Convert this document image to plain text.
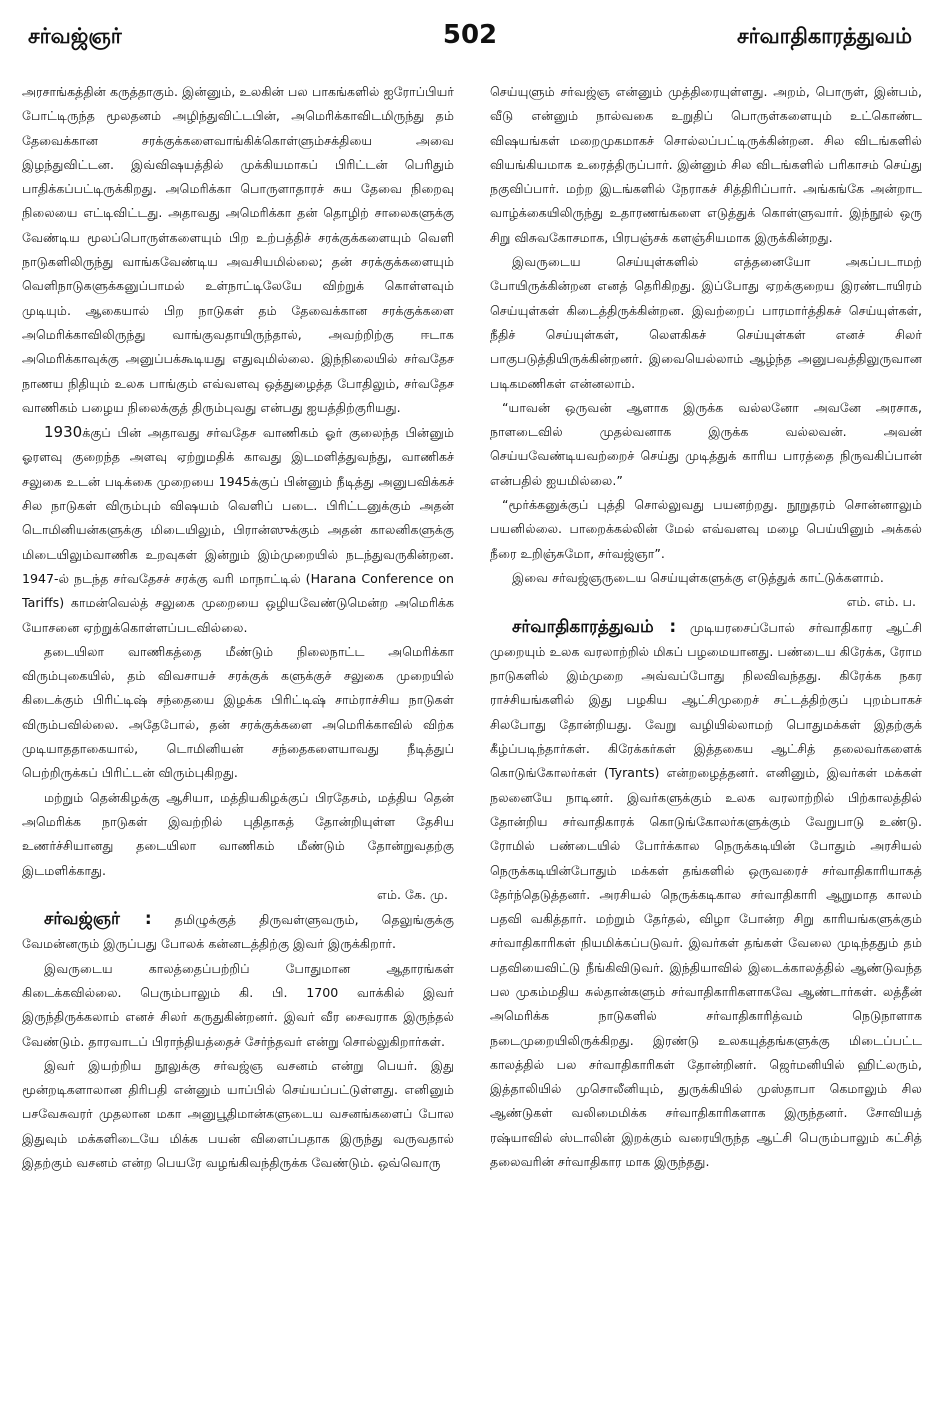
502
சர்வஜ்ஞர்	சர்வாதிகாரத்துவம்

அரசாங்கத்தின் கருத்தாகும். இன்னும், உலகின் பல பாகங்களில் ஐரோப்பியர் போட்டிருந்த மூலதனம் அழிந்துவிட்டபின், அமெரிக்காவிடமிருந்து தம் தேவைக்கான சரக்குக்களைவாங்கிக்கொள்ளும்சக்தியை அவை இழந்துவிட்டன. இவ்விஷயத்தில் முக்கியமாகப் பிரிட்டன் பெரிதும் பாதிக்கப்பட்டிருக்கிறது. அமெரிக்கா பொருளாதாரச் சுய தேவை நிறைவு நிலையை எட்டிவிட்டது. அதாவது அமெரிக்கா தன் தொழிற் சாலைகளுக்கு வேண்டிய மூலப்பொருள்களையும் பிற உற்பத்திச் சரக்குக்களையும் வெளி நாடுகளிலிருந்து வாங்கவேண்டிய அவசியமில்லை; தன் சரக்குக்களையும் வெளிநாடுகளுக்கனுப்பாமல் உள்நாட்டிலேயே விற்றுக் கொள்ளவும் முடியும். ஆகையால் பிற நாடுகள் தம் தேவைக்கான சரக்குக்களை அமெரிக்காவிலிருந்து வாங்குவதாயிருந்தால், அவற்றிற்கு ஈடாக அமெரிக்காவுக்கு அனுப்பக்கூடியது எதுவுமில்லை. இந்நிலையில் சர்வதேச நாணய நிதியும் உலக பாங்கும் எவ்வளவு ஒத்துழைத்த போதிலும், சர்வதேச வாணிகம் பழைய நிலைக்குத் திரும்புவது என்பது ஐயத்திற்குரியது.

1930க்குப் பின் அதாவது சர்வதேச வாணிகம் ஓர் குலைந்த பின்னும் ஓரளவு குறைந்த அளவு ஏற்றுமதிக் காவது இடமளித்துவந்து, வாணிகச் சலுகை உடன் படிக்கை முறையை 1945க்குப் பின்னும் நீடித்து அனுபவிக்கச் சில நாடுகள் விரும்பும் விஷயம் வெளிப் படை. பிரிட்டனுக்கும் அதன் டொமினியன்களுக்கு மிடையிலும், பிரான்ஸுக்கும் அதன் காலனிகளுக்கு மிடையிலும்வாணிக உறவுகள் இன்றும் இம்முறையில் நடந்துவருகின்றன. 1947-ல் நடந்த சர்வதேசச் சரக்கு வரி மாநாட்டில் (Harana Conference on Tariffs) காமன்வெல்த் சலுகை முறையை ஒழியவேண்டுமென்ற அமெரிக்க யோசனை ஏற்றுக்கொள்ளப்படவில்லை.

தடையிலா வாணிகத்தை மீண்டும் நிலைநாட்ட அமெரிக்கா விரும்புகையில், தம் விவசாயச் சரக்குக் களுக்குச் சலுகை முறையில் கிடைக்கும் பிரிட்டிஷ் சந்தையை இழக்க பிரிட்டிஷ் சாம்ராச்சிய நாடுகள் விரும்பவில்லை. அதேபோல், தன் சரக்குக்களை அமெரிக்காவில் விற்க முடியாததாகையால், டொமினியன் சந்தைகளையாவது நீடித்துப் பெற்றிருக்கப் பிரிட்டன் விரும்புகிறது.

மற்றும் தென்கிழக்கு ஆசியா, மத்தியகிழக்குப் பிரதேசம், மத்திய தென் அமெரிக்க நாடுகள் இவற்றில் புதிதாகத் தோன்றியுள்ள தேசிய உணர்ச்சியானது தடையிலா வாணிகம் மீண்டும் தோன்றுவதற்கு இடமளிக்காது.

எம். கே. மு.

சர்வஜ்ஞர் : தமிழுக்குத் திருவள்ளுவரும், தெலுங்குக்கு வேமன்னரும் இருப்பது போலக் கன்னடத்திற்கு இவர் இருக்கிறார்.

இவருடைய காலத்தைப்பற்றிப் போதுமான ஆதாரங்கள் கிடைக்கவில்லை. பெரும்பாலும் கி. பி. 1700 வாக்கில் இவர் இருந்திருக்கலாம் எனச் சிலர் கருதுகின்றனர். இவர் வீர சைவராக இருந்தல் வேண்டும். தாரவாடப் பிராந்தியத்தைச் சேர்ந்தவர் என்று சொல்லுகிறார்கள்.

இவர் இயற்றிய நூலுக்கு சர்வஜ்ஞ வசனம் என்று பெயர். இது மூன்றடிகளாலான திரிபதி என்னும் யாப்பில் செய்யப்பட்டுள்ளது. எனினும் பசவேசுவரர் முதலான மகா அனுபூதிமான்களுடைய வசனங்களைப் போல இதுவும் மக்களிடையே மிக்க பயன் விளைப்பதாக இருந்து வருவதால் இதற்கும் வசனம் என்ற பெயரே வழங்கிவந்திருக்க வேண்டும். ஒவ்வொரு

செய்யுளும் சர்வஜ்ஞ என்னும் முத்திரையுள்ளது. அறம், பொருள், இன்பம், வீடு என்னும் நால்வகை உறுதிப் பொருள்களையும் உட்கொண்ட விஷயங்கள் மறைமுகமாகச் சொல்லப்பட்டிருக்கின்றன. சில விடங்களில் வியங்கியமாக உரைத்திருப்பார். இன்னும் சில விடங்களில் பரிகாசம் செய்து நகுவிப்பார். மற்ற இடங்களில் நேராகச் சித்திரிப்பார். அங்கங்கே அன்றாட வாழ்க்கையிலிருந்து உதாரணங்களை எடுத்துக் கொள்ளுவார். இந்நூல் ஒரு சிறு விசுவகோசமாக, பிரபஞ்சக் களஞ்சியமாக இருக்கின்றது.

இவருடைய செய்யுள்களில் எத்தனையோ அகப்படாமற் போயிருக்கின்றன எனத் தெரிகிறது. இப்போது ஏறக்குறைய இரண்டாயிரம் செய்யுள்கள் கிடைத்திருக்கின்றன. இவற்றைப் பாரமார்த்திகச் செய்யுள்கள், நீதிச் செய்யுள்கள், லௌகிகச் செய்யுள்கள் எனச் சிலர் பாகுபடுத்தியிருக்கின்றனர். இவையெல்லாம் ஆழ்ந்த அனுபவத்திலுருவான படிகமணிகள் என்னலாம்.

“யாவன் ஒருவன் ஆளாக இருக்க வல்லனோ அவனே அரசாக, நாளடைவில் முதல்வனாக இருக்க வல்லவன். அவன் செய்யவேண்டியவற்றைச் செய்து முடித்துக் காரிய பாரத்தை நிருவகிப்பான் என்பதில் ஐயமில்லை.”

“மூர்க்கனுக்குப் புத்தி சொல்லுவது பயனற்றது. நூறுதரம் சொன்னாலும் பயனில்லை. பாறைக்கல்லின் மேல் எவ்வளவு மழை பெய்யினும் அக்கல் நீரை உறிஞ்சுமோ, சர்வஜ்ஞா”.

இவை சர்வஜ்ஞருடைய செய்யுள்களுக்கு எடுத்துக் காட்டுக்களாம்.

எம். எம். ப.

சர்வாதிகாரத்துவம் : முடியரசைப்போல் சர்வாதிகார ஆட்சி முறையும் உலக வரலாற்றில் மிகப் பழமையானது. பண்டைய கிரேக்க, ரோம நாடுகளில் இம்முறை அவ்வப்போது நிலவிவந்தது. கிரேக்க நகர ராச்சியங்களில் இது பழகிய ஆட்சிமுறைச் சட்டத்திற்குப் புறம்பாகச் சிலபோது தோன்றியது. வேறு வழியில்லாமற் பொதுமக்கள் இதற்குக் கீழ்ப்படிந்தார்கள். கிரேக்கர்கள் இத்தகைய ஆட்சித் தலைவர்களைக் கொடுங்கோலர்கள் (Tyrants) என்றழைத்தனர். எனினும், இவர்கள் மக்கள் நலனையே நாடினர். இவர்களுக்கும் உலக வரலாற்றில் பிற்காலத்தில் தோன்றிய சர்வாதிகாரக் கொடுங்கோலர்களுக்கும் வேறுபாடு உண்டு. ரோமில் பண்டையில் போர்க்கால நெருக்கடியின் போதும் அரசியல் நெருக்கடியின்போதும் மக்கள் தங்களில் ஒருவரைச் சர்வாதிகாரியாகத் தேர்ந்தெடுத்தனர். அரசியல் நெருக்கடிகால சர்வாதிகாரி ஆறுமாத காலம் பதவி வகித்தார். மற்றும் தேர்தல், விழா போன்ற சிறு காரியங்களுக்கும் சர்வாதிகாரிகள் நியமிக்கப்படுவர். இவர்கள் தங்கள் வேலை முடிந்ததும் தம் பதவியைவிட்டு நீங்கிவிடுவர். இந்தியாவில் இடைக்காலத்தில் ஆண்டுவந்த பல முகம்மதிய சுல்தான்களும் சர்வாதிகாரிகளாகவே ஆண்டார்கள். லத்தீன் அமெரிக்க நாடுகளில் சர்வாதிகாரித்வம் நெடுநாளாக நடைமுறையிலிருக்கிறது. இரண்டு உலகயுத்தங்களுக்கு மிடைப்பட்ட காலத்தில் பல சர்வாதிகாரிகள் தோன்றினர். ஜெர்மனியில் ஹிட்லரும், இத்தாலியில் முசொலீனியும், துருக்கியில் முஸ்தாபா கெமாலும் சில ஆண்டுகள் வலிமைமிக்க சர்வாதிகாரிகளாக இருந்தனர். சோவியத் ரஷ்யாவில் ஸ்டாலின் இறக்கும் வரையிருந்த ஆட்சி பெரும்பாலும் கட்சித் தலைவரின் சர்வாதிகார மாக இருந்தது.
